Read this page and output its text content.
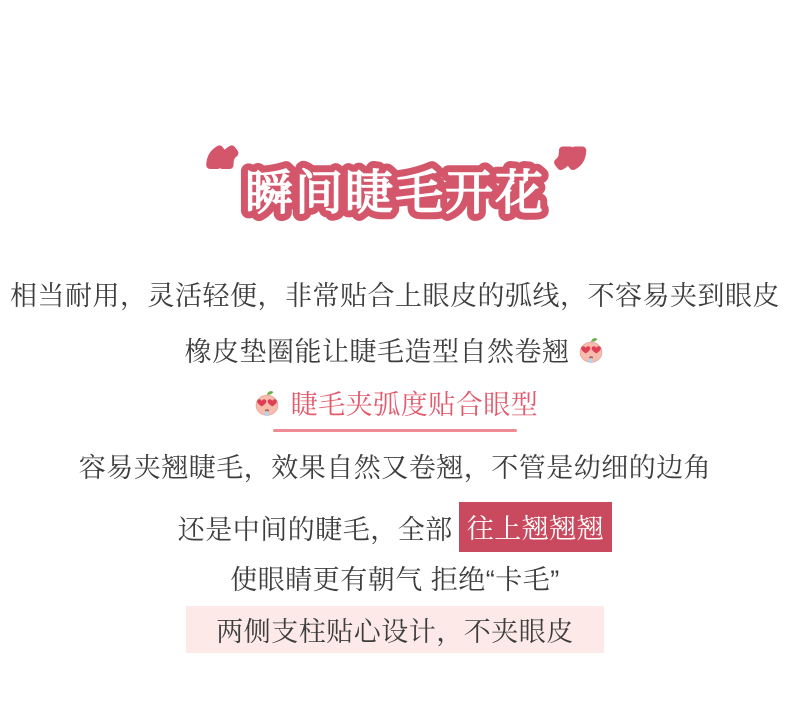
“ 瞬间睫毛开花 ”
相当耐用，灵活轻便，非常贴合上眼皮的弧线，不容易夹到眼皮
橡皮垫圈能让睫毛造型自然卷翘
睫毛夹弧度贴合眼型
容易夹翘睫毛，效果自然又卷翘，不管是幼细的边角
还是中间的睫毛，全部 往上翘翘翘
使眼睛更有朝气 拒绝“卡毛”
两侧支柱贴心设计，不夹眼皮
